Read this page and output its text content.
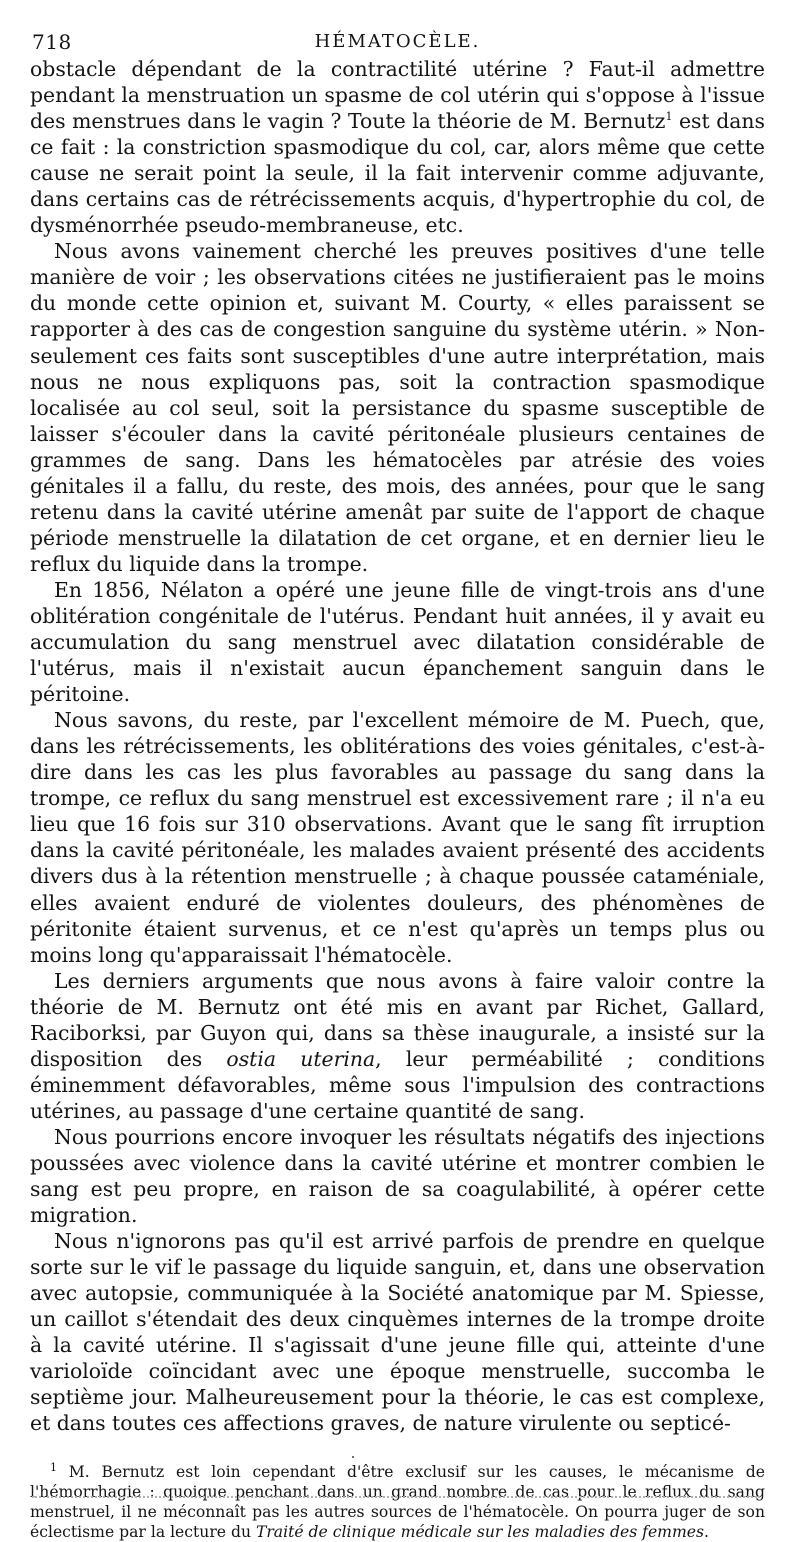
718	HÉMATOCÈLE.

obstacle dépendant de la contractilité utérine ? Faut-il admettre pendant la menstruation un spasme de col utérin qui s'oppose à l'issue des menstrues dans le vagin ? Toute la théorie de M. Bernutz$^1$ est dans ce fait : la constriction spasmodique du col, car, alors même que cette cause ne serait point la seule, il la fait intervenir comme adjuvante, dans certains cas de rétrécissements acquis, d'hypertrophie du col, de dysménorrhée pseudo-membraneuse, etc.

Nous avons vainement cherché les preuves positives d'une telle manière de voir ; les observations citées ne justifieraient pas le moins du monde cette opinion et, suivant M. Courty, « elles paraissent se rapporter à des cas de congestion sanguine du système utérin. » Non-seulement ces faits sont susceptibles d'une autre interprétation, mais nous ne nous expliquons pas, soit la contraction spasmodique localisée au col seul, soit la persistance du spasme susceptible de laisser s'écouler dans la cavité péritonéale plusieurs centaines de grammes de sang. Dans les hématocèles par atrésie des voies génitales il a fallu, du reste, des mois, des années, pour que le sang retenu dans la cavité utérine amenât par suite de l'apport de chaque période menstruelle la dilatation de cet organe, et en dernier lieu le reflux du liquide dans la trompe.

En 1856, Nélaton a opéré une jeune fille de vingt-trois ans d'une oblitération congénitale de l'utérus. Pendant huit années, il y avait eu accumulation du sang menstruel avec dilatation considérable de l'utérus, mais il n'existait aucun épanchement sanguin dans le péritoine.

Nous savons, du reste, par l'excellent mémoire de M. Puech, que, dans les rétrécissements, les oblitérations des voies génitales, c'est-à-dire dans les cas les plus favorables au passage du sang dans la trompe, ce reflux du sang menstruel est excessivement rare ; il n'a eu lieu que 16 fois sur 310 observations. Avant que le sang fît irruption dans la cavité péritonéale, les malades avaient présenté des accidents divers dus à la rétention menstruelle ; à chaque poussée cataméniale, elles avaient enduré de violentes douleurs, des phénomènes de péritonite étaient survenus, et ce n'est qu'après un temps plus ou moins long qu'apparaissait l'hématocèle.

Les derniers arguments que nous avons à faire valoir contre la théorie de M. Bernutz ont été mis en avant par Richet, Gallard, Raciborksi, par Guyon qui, dans sa thèse inaugurale, a insisté sur la disposition des ostia uterina, leur perméabilité ; conditions éminemment défavorables, même sous l'impulsion des contractions utérines, au passage d'une certaine quantité de sang.

Nous pourrions encore invoquer les résultats négatifs des injections poussées avec violence dans la cavité utérine et montrer combien le sang est peu propre, en raison de sa coagulabilité, à opérer cette migration.

Nous n'ignorons pas qu'il est arrivé parfois de prendre en quelque sorte sur le vif le passage du liquide sanguin, et, dans une observation avec autopsie, communiquée à la Société anatomique par M. Spiesse, un caillot s'étendait des deux cinquèmes internes de la trompe droite à la cavité utérine. Il s'agissait d'une jeune fille qui, atteinte d'une varioloïde coïncidant avec une époque menstruelle, succomba le septième jour. Malheureusement pour la théorie, le cas est complexe, et dans toutes ces affections graves, de nature virulente ou septicé-

$^1$ M. Bernutz est loin cependant d'être exclusif sur les causes, le mécanisme de l'hémorrhagie : quoique penchant dans un grand nombre de cas pour le reflux du sang menstruel, il ne méconnaît pas les autres sources de l'hématocèle. On pourra juger de son éclectisme par la lecture du Traité de clinique médicale sur les maladies des femmes.
